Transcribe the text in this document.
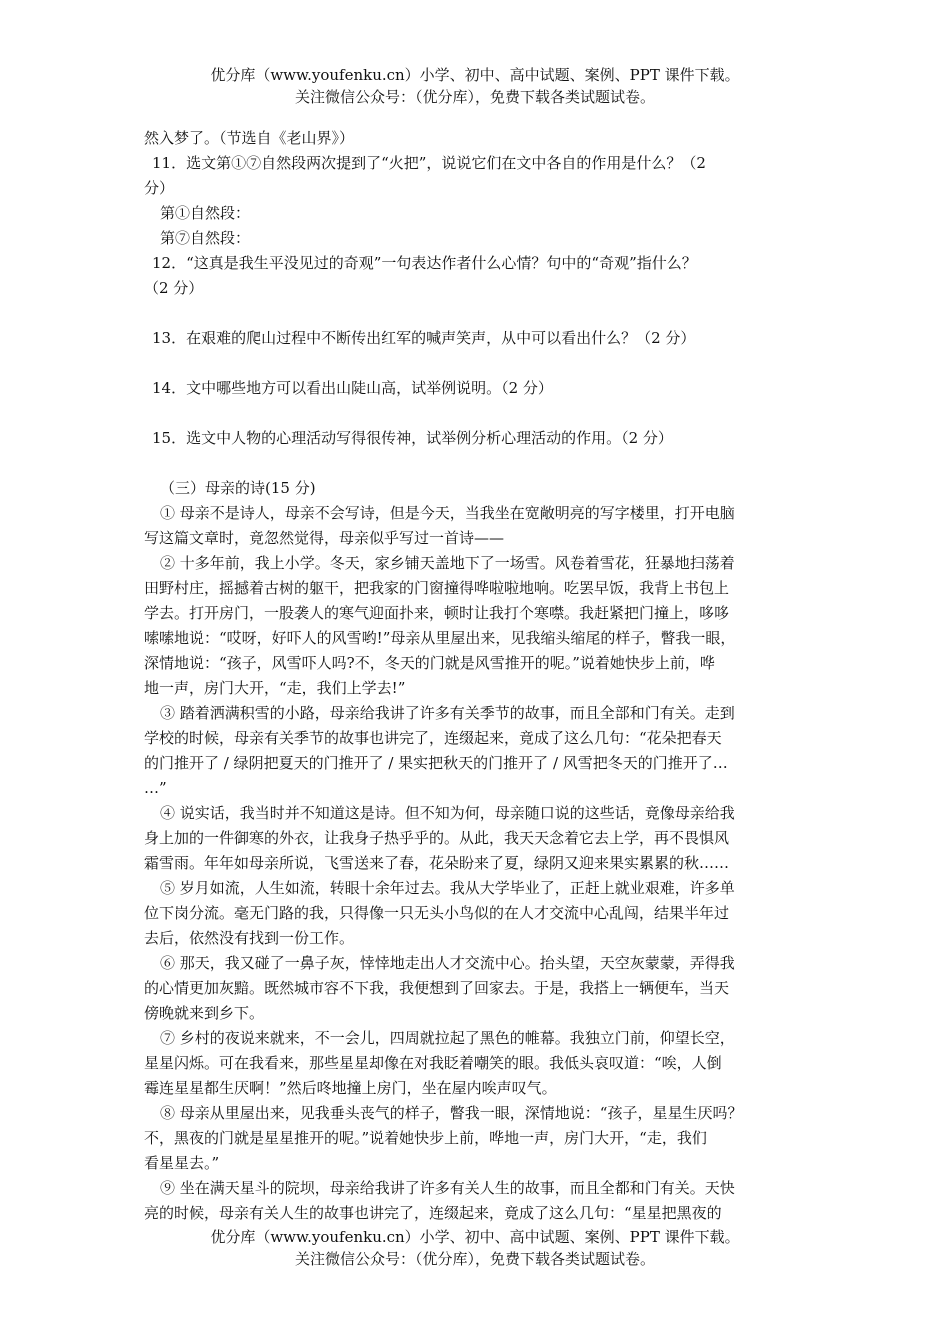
优分库（www.youfenku.cn）小学、初中、高中试题、案例、PPT 课件下载。
关注微信公众号：（优分库），免费下载各类试题试卷。

然入梦了。（节选自《老山界》）

11．选文第①⑦自然段两次提到了“火把”，说说它们在文中各自的作用是什么？（2

分）

第①自然段：

第⑦自然段：

12．“这真是我生平没见过的奇观”一句表达作者什么心情？句中的“奇观”指什么？

（2 分）

13．在艰难的爬山过程中不断传出红军的喊声笑声，从中可以看出什么？（2 分）

14．文中哪些地方可以看出山陡山高，试举例说明。（2 分）

15．选文中人物的心理活动写得很传神，试举例分析心理活动的作用。（2 分）

（三）母亲的诗(15 分)

① 母亲不是诗人，母亲不会写诗，但是今天，当我坐在宽敞明亮的写字楼里，打开电脑

写这篇文章时，竟忽然觉得，母亲似乎写过一首诗——

② 十多年前，我上小学。冬天，家乡铺天盖地下了一场雪。风卷着雪花，狂暴地扫荡着

田野村庄，摇撼着古树的躯干，把我家的门窗撞得哗啦啦地响。吃罢早饭，我背上书包上

学去。打开房门，一股袭人的寒气迎面扑来，顿时让我打个寒噤。我赶紧把门撞上，哆哆

嗦嗦地说：“哎呀，好吓人的风雪哟!”母亲从里屋出来，见我缩头缩尾的样子，瞥我一眼，

深情地说：“孩子，风雪吓人吗?不，冬天的门就是风雪推开的呢。”说着她快步上前，哗

地一声，房门大开，“走，我们上学去!”

③ 踏着洒满积雪的小路，母亲给我讲了许多有关季节的故事，而且全部和门有关。走到

学校的时候，母亲有关季节的故事也讲完了，连缀起来，竟成了这么几句：“花朵把春天

的门推开了 / 绿阴把夏天的门推开了 / 果实把秋天的门推开了 / 风雪把冬天的门推开了…

…”

④ 说实话，我当时并不知道这是诗。但不知为何，母亲随口说的这些话，竟像母亲给我

身上加的一件御寒的外衣，让我身子热乎乎的。从此，我天天念着它去上学，再不畏惧风

霜雪雨。年年如母亲所说，飞雪送来了春，花朵盼来了夏，绿阴又迎来果实累累的秋……

⑤ 岁月如流，人生如流，转眼十余年过去。我从大学毕业了，正赶上就业艰难，许多单

位下岗分流。毫无门路的我，只得像一只无头小鸟似的在人才交流中心乱闯，结果半年过

去后，依然没有找到一份工作。

⑥ 那天，我又碰了一鼻子灰，悻悻地走出人才交流中心。抬头望，天空灰蒙蒙，弄得我

的心情更加灰黯。既然城市容不下我，我便想到了回家去。于是，我搭上一辆便车，当天

傍晚就来到乡下。

⑦ 乡村的夜说来就来，不一会儿，四周就拉起了黑色的帷幕。我独立门前，仰望长空，

星星闪烁。可在我看来，那些星星却像在对我眨着嘲笑的眼。我低头哀叹道：“唉，人倒

霉连星星都生厌啊！”然后咚地撞上房门，坐在屋内唉声叹气。

⑧ 母亲从里屋出来，见我垂头丧气的样子，瞥我一眼，深情地说：“孩子，星星生厌吗？

不，黑夜的门就是星星推开的呢。”说着她快步上前，哗地一声，房门大开，“走，我们

看星星去。”

⑨ 坐在满天星斗的院坝，母亲给我讲了许多有关人生的故事，而且全都和门有关。天快

亮的时候，母亲有关人生的故事也讲完了，连缀起来，竟成了这么几句：“星星把黑夜的

优分库（www.youfenku.cn）小学、初中、高中试题、案例、PPT 课件下载。
关注微信公众号：（优分库），免费下载各类试题试卷。
